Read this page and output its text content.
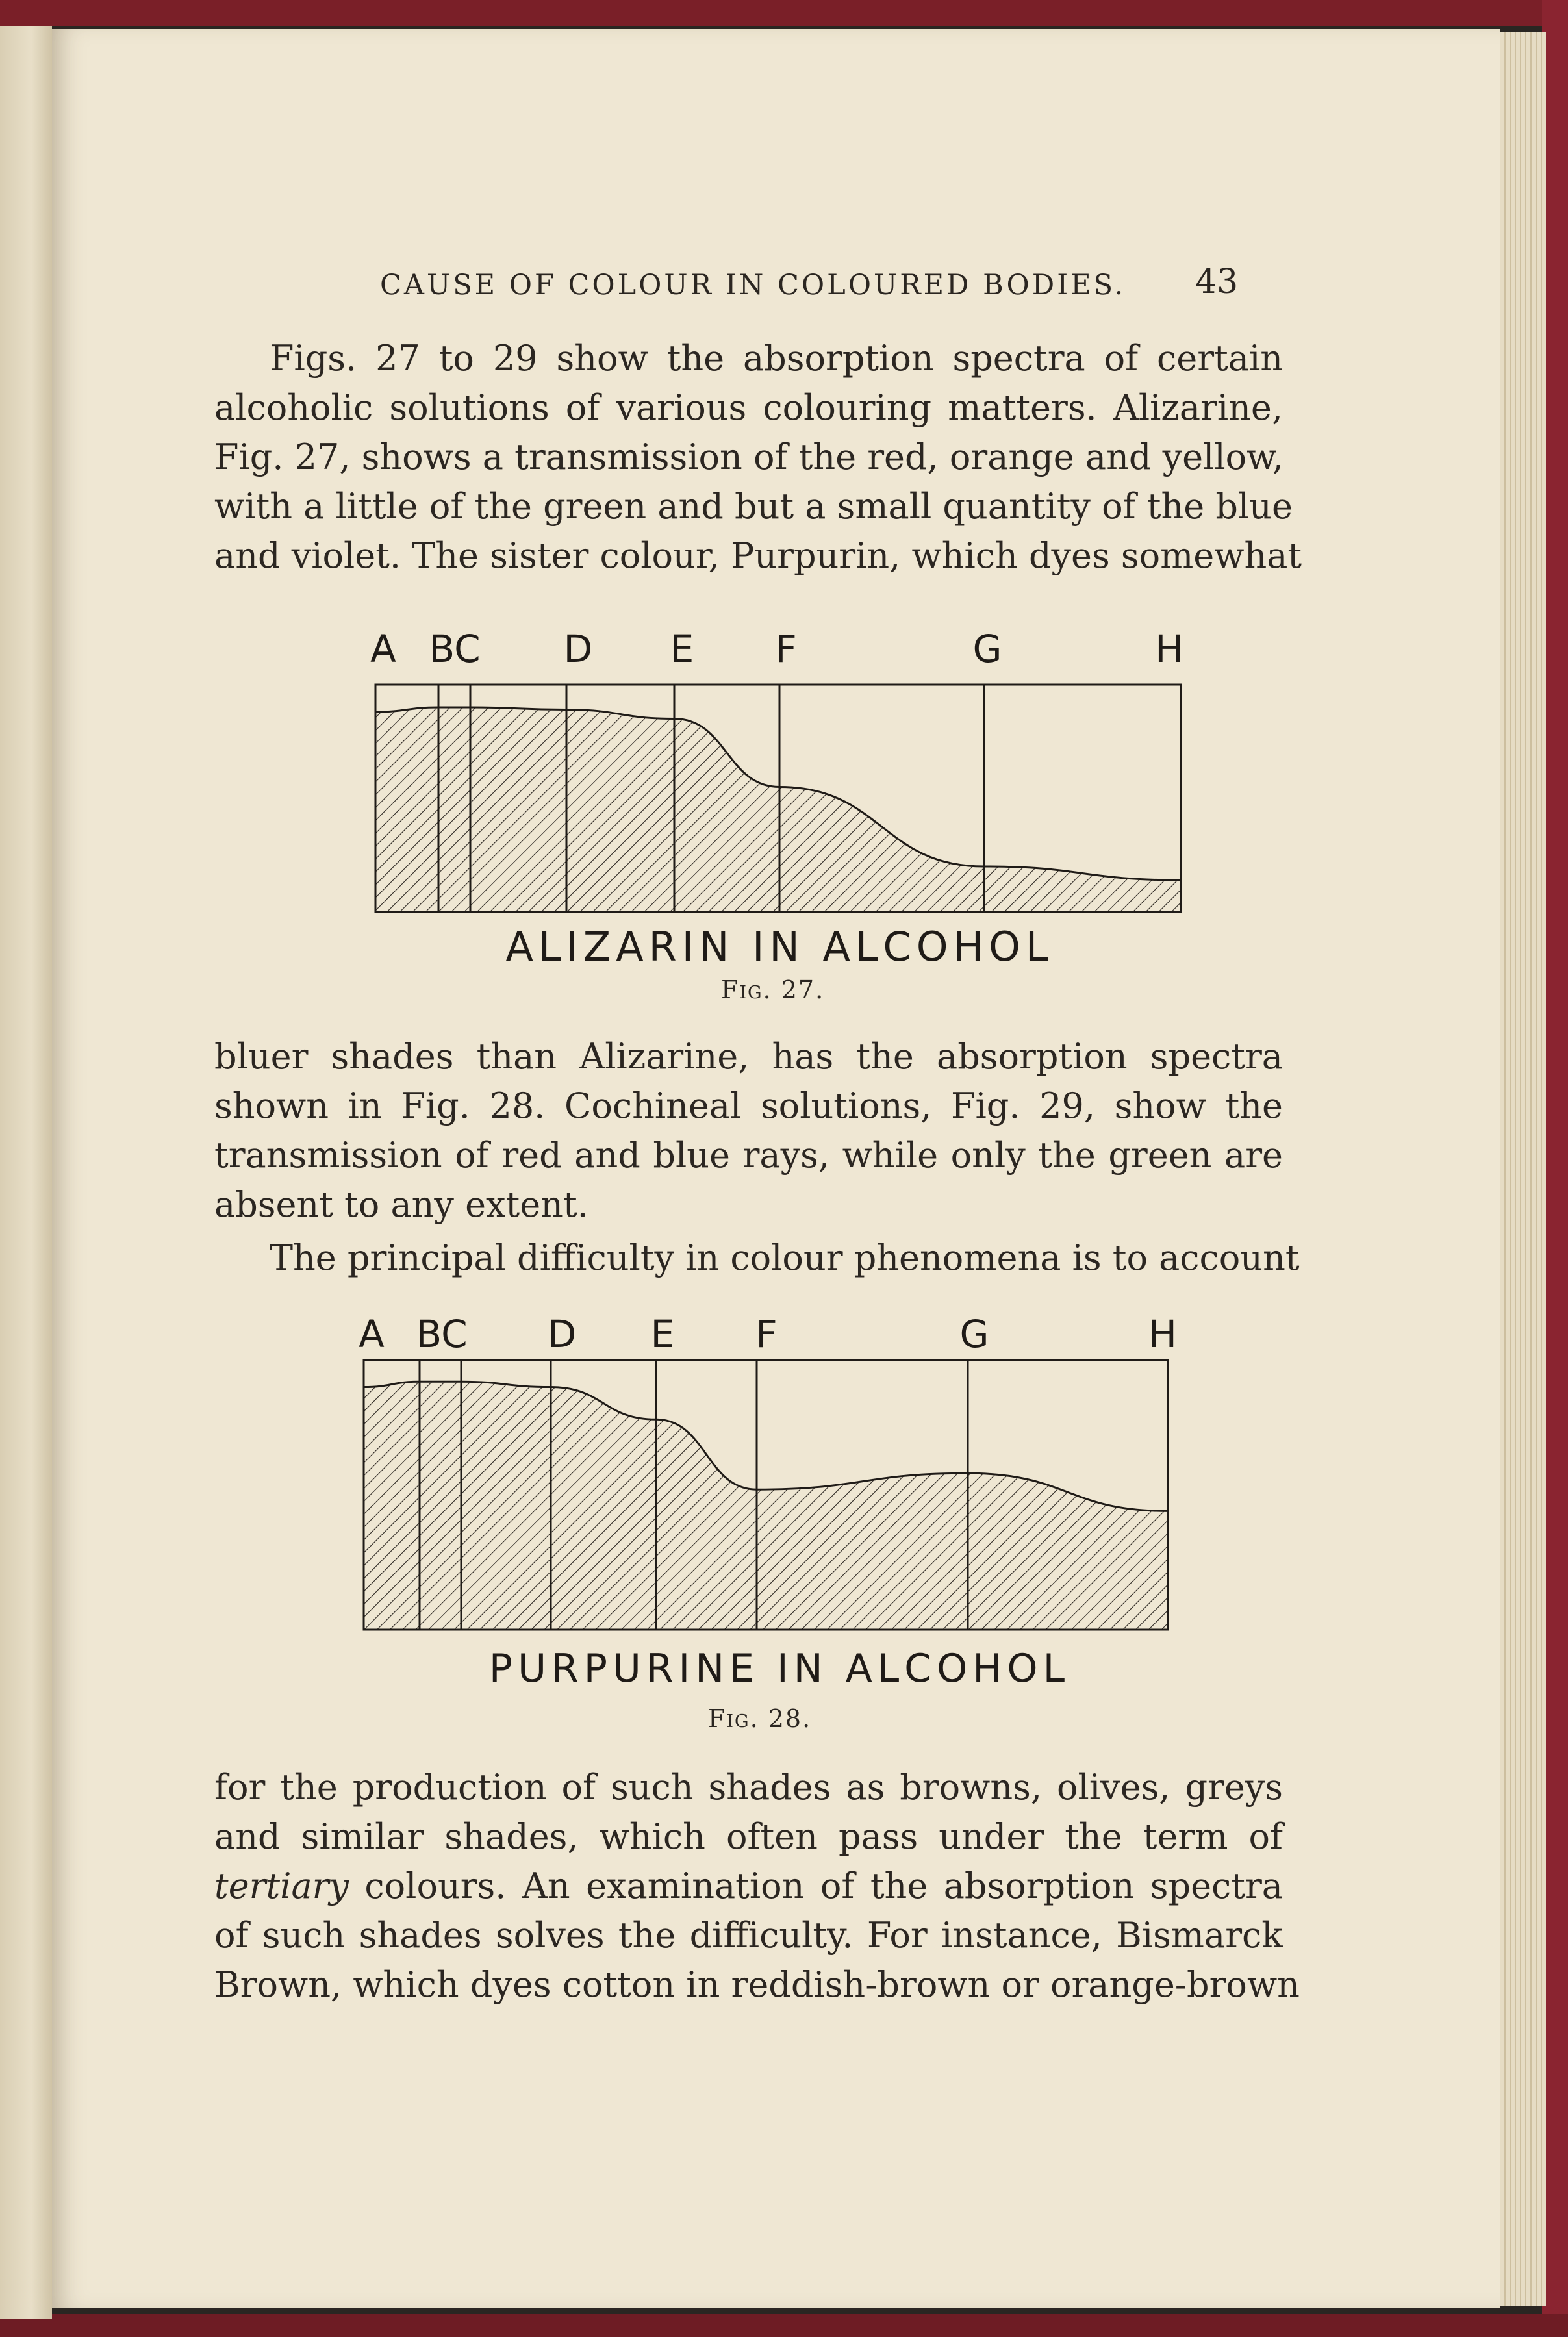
CAUSE OF COLOUR IN COLOURED BODIES. 43

Figs. 27 to 29 show the absorption spectra of certain
alcoholic solutions of various colouring matters. Alizarine,
Fig. 27, shows a transmission of the red, orange and yellow,
with a little of the green and but a small quantity of the blue
and violet. The sister colour, Purpurin, which dyes somewhat

A BC D E F	G	H
ALIZARIN IN ALCOHOL
Fig. 27.

bluer shades than Alizarine, has the absorption spectra
shown in Fig. 28. Cochineal solutions, Fig. 29, show the
transmission of red and blue rays, while only the green are
absent to any extent.

The principal difficulty in colour phenomena is to account

A BC D E F	G	H
PURPURINE IN ALCOHOL
Fig. 28.

for the production of such shades as browns, olives, greys
and similar shades, which often pass under the term of
tertiary colours. An examination of the absorption spectra
of such shades solves the difficulty. For instance, Bismarck
Brown, which dyes cotton in reddish-brown or orange-brown
